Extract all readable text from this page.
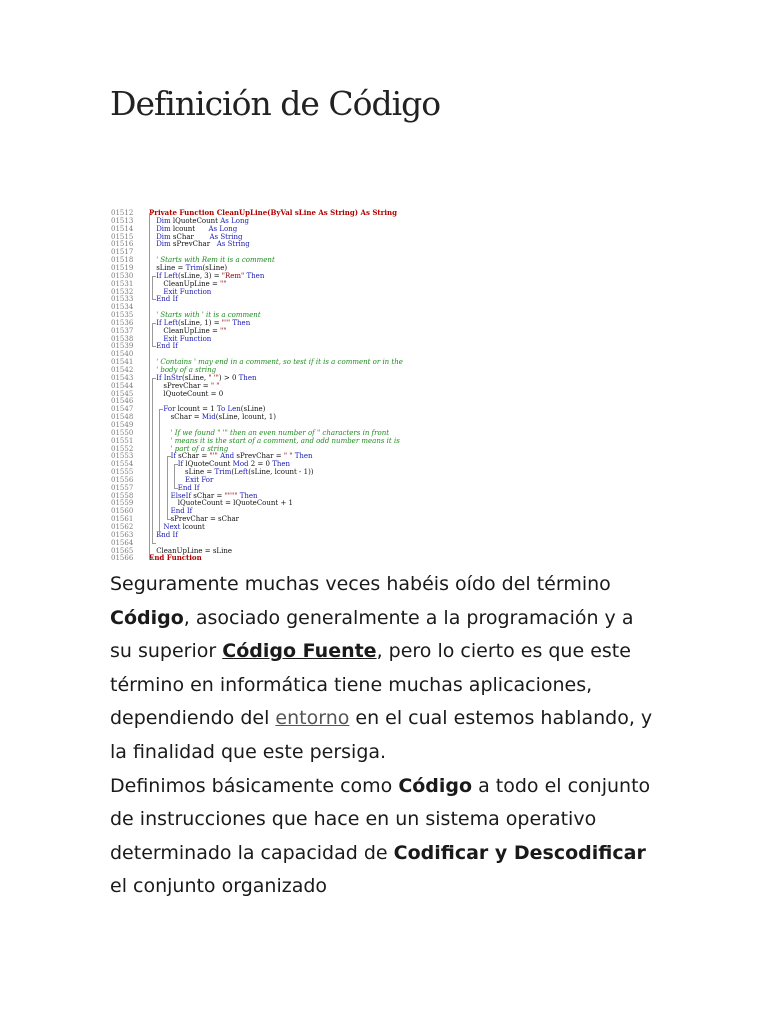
Definición de Código
01512 Private Function CleanUpLine(ByVal sLine As String) As String
01513	Dim lQuoteCount As Long
01514	Dim lcount      As Long
01515	Dim sChar       As String
01516	Dim sPrevChar   As String
01517
01518	' Starts with Rem it is a comment
01519	sLine = Trim(sLine)
01530	If Left(sLine, 3) = "Rem" Then
01531	CleanUpLine = ""
01532	Exit Function
01533	End If
01534
01535	' Starts with ' it is a comment
01536	If Left(sLine, 1) = "'" Then
01537	CleanUpLine = ""
01538	Exit Function
01539	End If
01540
01541	' Contains ' may end in a comment, so test if it is a comment or in the
01542	' body of a string
01543	If InStr(sLine, " '") > 0 Then
01544	sPrevChar = " "
01545	lQuoteCount = 0
01546
01547	For lcount = 1 To Len(sLine)
01548	sChar = Mid(sLine, lcount, 1)
01549
01550	' If we found " '" then an even number of " characters in front
01551	' means it is the start of a comment, and odd number means it is
01552	' part of a string
01553	If sChar = "'" And sPrevChar = " " Then
01554	If lQuoteCount Mod 2 = 0 Then
01555	sLine = Trim(Left(sLine, lcount - 1))
01556	Exit For
01557	End If
01558	ElseIf sChar = """" Then
01559	lQuoteCount = lQuoteCount + 1
01560	End If
01561	sPrevChar = sChar
01562	Next lcount
01563	End If
01564
01565	CleanUpLine = sLine
01566 End Function

Seguramente muchas veces habéis oído del término Código, asociado generalmente a la programación y a su superior Código Fuente, pero lo cierto es que este término en informática tiene muchas aplicaciones, dependiendo del entorno en el cual estemos hablando, y la finalidad que este persiga.

Definimos básicamente como Código a todo el conjunto de instrucciones que hace en un sistema operativo determinado la capacidad de Codificar y Descodificar el conjunto organizado
